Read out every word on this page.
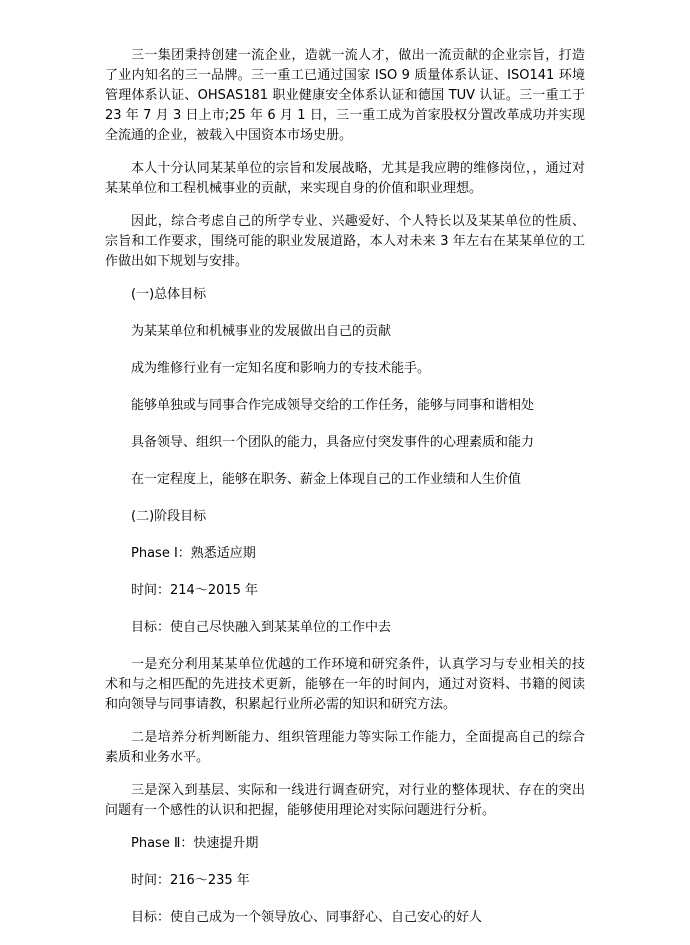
三一集团秉持创建一流企业，造就一流人才，做出一流贡献的企业宗旨，打造了业内知名的三一品牌。三一重工已通过国家 ISO 9 质量体系认证、ISO141 环境管理体系认证、OHSAS181 职业健康安全体系认证和德国 TUV 认证。三一重工于 23 年 7 月 3 日上市;25 年 6 月 1 日，三一重工成为首家股权分置改革成功并实现全流通的企业，被载入中国资本市场史册。

本人十分认同某某单位的宗旨和发展战略，尤其是我应聘的维修岗位，，通过对某某单位和工程机械事业的贡献，来实现自身的价值和职业理想。

因此，综合考虑自己的所学专业、兴趣爱好、个人特长以及某某单位的性质、宗旨和工作要求，围绕可能的职业发展道路，本人对未来 3 年左右在某某单位的工作做出如下规划与安排。

(一)总体目标

为某某单位和机械事业的发展做出自己的贡献

成为维修行业有一定知名度和影响力的专技术能手。

能够单独或与同事合作完成领导交给的工作任务，能够与同事和谐相处

具备领导、组织一个团队的能力，具备应付突发事件的心理素质和能力

在一定程度上，能够在职务、薪金上体现自己的工作业绩和人生价值

(二)阶段目标

Phase Ⅰ：熟悉适应期

时间：214～2015 年

目标：使自己尽快融入到某某单位的工作中去

一是充分利用某某单位优越的工作环境和研究条件，认真学习与专业相关的技术和与之相匹配的先进技术更新，能够在一年的时间内，通过对资料、书籍的阅读和向领导与同事请教，积累起行业所必需的知识和研究方法。

二是培养分析判断能力、组织管理能力等实际工作能力，全面提高自己的综合素质和业务水平。

三是深入到基层、实际和一线进行调查研究，对行业的整体现状、存在的突出问题有一个感性的认识和把握，能够使用理论对实际问题进行分析。

Phase Ⅱ：快速提升期

时间：216～235 年

目标：使自己成为一个领导放心、同事舒心、自己安心的好人
